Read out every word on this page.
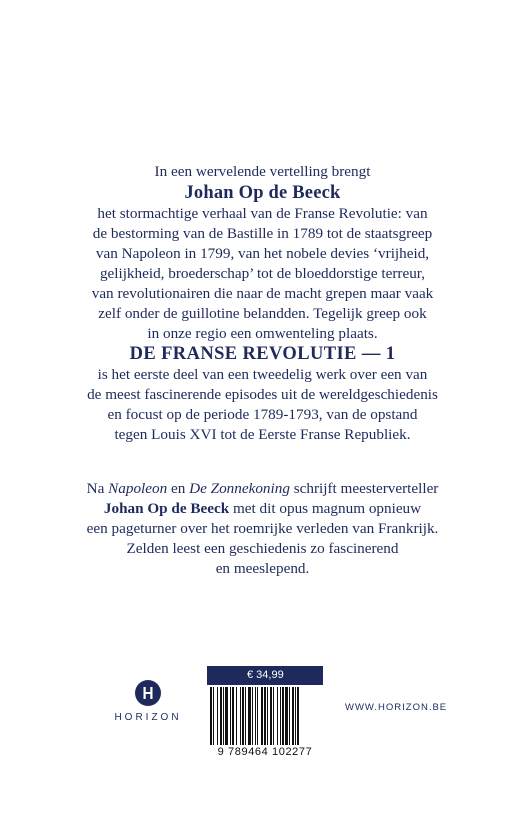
In een wervelende vertelling brengt
Johan Op de Beeck
het stormachtige verhaal van de Franse Revolutie: van
de bestorming van de Bastille in 1789 tot de staatsgreep
van Napoleon in 1799, van het nobele devies ‘vrijheid,
gelijkheid, broederschap’ tot de bloeddorstige terreur,
van revolutionairen die naar de macht grepen maar vaak
zelf onder de guillotine belandden. Tegelijk greep ook
in onze regio een omwenteling plaats.
DE FRANSE REVOLUTIE — 1
is het eerste deel van een tweedelig werk over een van
de meest fascinerende episodes uit de wereldgeschiedenis
en focust op de periode 1789-1793, van de opstand
tegen Louis XVI tot de Eerste Franse Republiek.
Na Napoleon en De Zonnekoning schrijft meesterverteller
Johan Op de Beeck met dit opus magnum opnieuw
een pageturner over het roemrijke verleden van Frankrijk.
Zelden leest een geschiedenis zo fascinerend
en meeslepend.
HORIZON
€ 34,99
9 789464 102277
WWW.HORIZON.BE
